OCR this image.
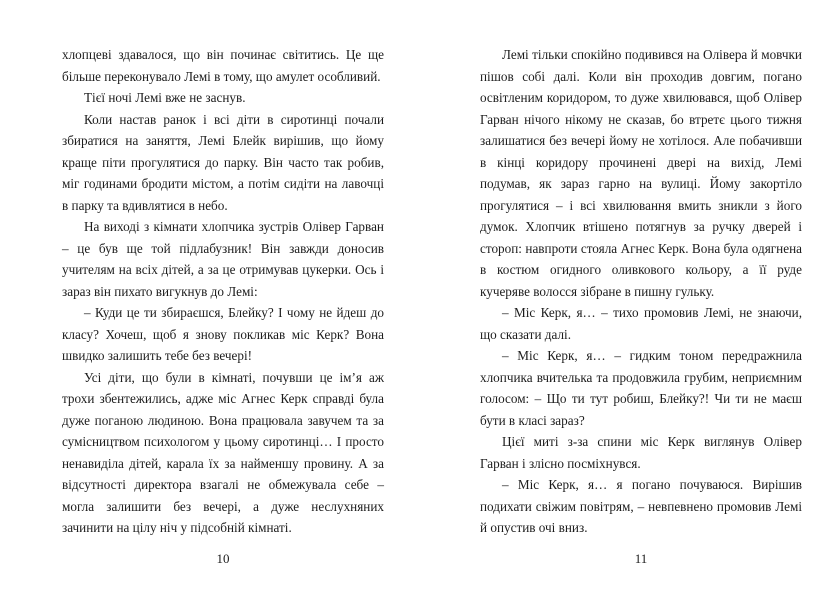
хлопцеві здавалося, що він починає світитись. Це ще більше переконувало Лемі в тому, що амулет особливий.

Тієї ночі Лемі вже не заснув.

Коли настав ранок і всі діти в сиротинці почали збиратися на заняття, Лемі Блейк вирішив, що йому краще піти прогулятися до парку. Він часто так робив, міг годинами бродити містом, а потім сидіти на лавочці в парку та вдивлятися в небо.

На виході з кімнати хлопчика зустрів Олівер Гарван – це був ще той підлабузник! Він завжди доносив учителям на всіх дітей, а за це отримував цукерки. Ось і зараз він пихато вигукнув до Лемі:

– Куди це ти збираєшся, Блейку? І чому не йдеш до класу? Хочеш, щоб я знову покликав міс Керк? Вона швидко залишить тебе без вечері!

Усі діти, що були в кімнаті, почувши це ім’я аж трохи збентежились, адже міс Агнес Керк справді була дуже поганою людиною. Вона працювала завучем та за сумісництвом психологом у цьому сиротинці… І просто ненавиділа дітей, карала їх за найменшу провину. А за відсутності директора взагалі не обмежувала себе – могла залишити без вечері, а дуже неслухняних зачинити на цілу ніч у підсобній кімнаті.

10

Лемі тільки спокійно подивився на Олівера й мовчки пішов собі далі. Коли він проходив довгим, погано освітленим коридором, то дуже хвилювався, щоб Олівер Гарван нічого нікому не сказав, бо втретє цього тижня залишатися без вечері йому не хотілося. Але побачивши в кінці коридору прочинені двері на вихід, Лемі подумав, як зараз гарно на вулиці. Йому закортіло прогулятися – і всі хвилювання вмить зникли з його думок. Хлопчик втішено потягнув за ручку дверей і стороп: навпроти стояла Агнес Керк. Вона була одягнена в костюм огидного оливкового кольору, а її руде кучеряве волосся зібране в пишну гульку.

– Міс Керк, я… – тихо промовив Лемі, не знаючи, що сказати далі.

– Міс Керк, я… – гидким тоном передражнила хлопчика вчителька та продовжила грубим, неприємним голосом: – Що ти тут робиш, Блейку?! Чи ти не маєш бути в класі зараз?

Цієї миті з-за спини міс Керк виглянув Олівер Гарван і злісно посміхнувся.

– Міс Керк, я… я погано почуваюся. Вирішив подихати свіжим повітрям, – невпевнено промовив Лемі й опустив очі вниз.

11
